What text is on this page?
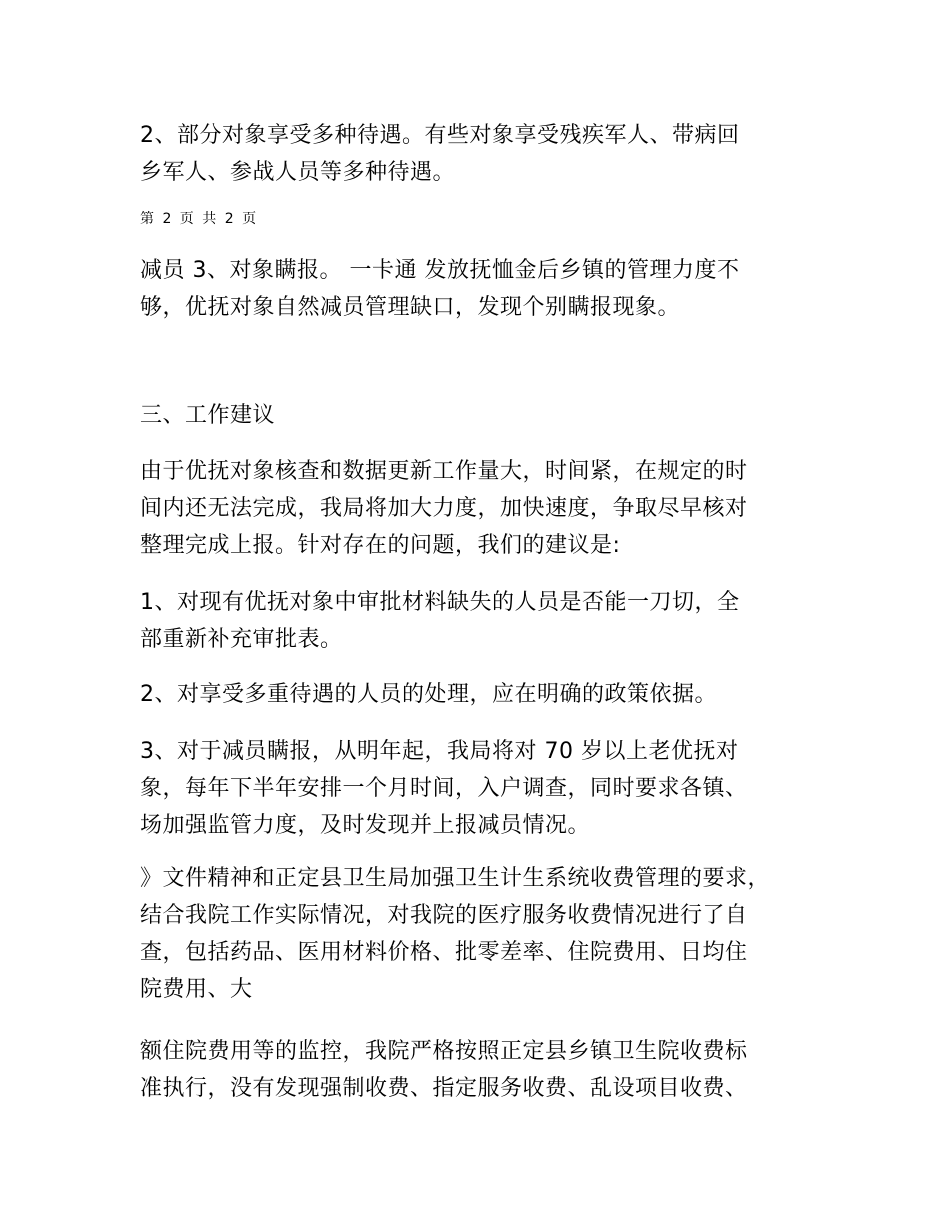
2、部分对象享受多种待遇。有些对象享受残疾军人、带病回
乡军人、参战人员等多种待遇。
第 2 页 共 2 页
减员 3、对象瞒报。 一卡通 发放抚恤金后乡镇的管理力度不
够，优抚对象自然减员管理缺口，发现个别瞒报现象。
三、工作建议
由于优抚对象核查和数据更新工作量大，时间紧，在规定的时
间内还无法完成，我局将加大力度，加快速度，争取尽早核对
整理完成上报。针对存在的问题，我们的建议是:
1、对现有优抚对象中审批材料缺失的人员是否能一刀切，全
部重新补充审批表。
2、对享受多重待遇的人员的处理，应在明确的政策依据。
3、对于减员瞒报，从明年起，我局将对 70 岁以上老优抚对
象，每年下半年安排一个月时间，入户调查，同时要求各镇、
场加强监管力度，及时发现并上报减员情况。
》文件精神和正定县卫生局加强卫生计生系统收费管理的要求，
结合我院工作实际情况，对我院的医疗服务收费情况进行了自
查，包括药品、医用材料价格、批零差率、住院费用、日均住
院费用、大
额住院费用等的监控，我院严格按照正定县乡镇卫生院收费标
准执行，没有发现强制收费、指定服务收费、乱设项目收费、
